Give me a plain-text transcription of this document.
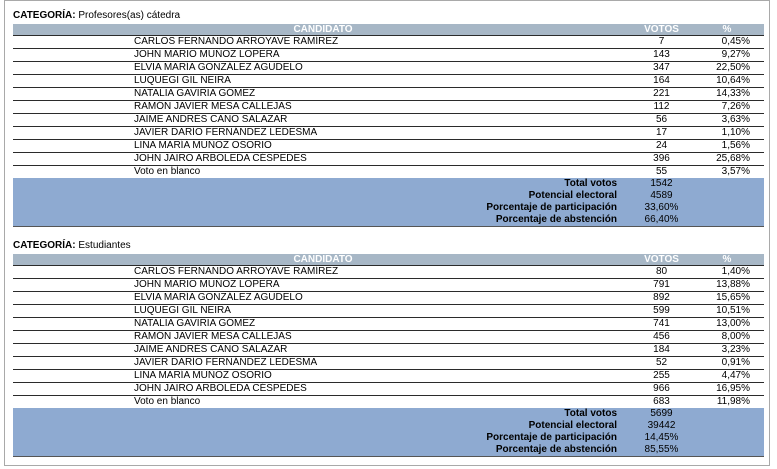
CATEGORÍA: Profesores(as) cátedra
CANDIDATO	VOTOS	%
CARLOS FERNANDO ARROYAVE RAMÍREZ	7	0,45%
JOHN MARIO MUÑOZ LOPERA	143	9,27%
ELVIA MARÍA GONZÁLEZ AGUDELO	347	22,50%
LUQUEGI GIL NEIRA	164	10,64%
NATALIA GAVIRIA GÓMEZ	221	14,33%
RAMÓN JAVIER MESA CALLEJAS	112	7,26%
JAIME ANDRÉS CANO SALAZAR	56	3,63%
JAVIER DARÍO FERNÁNDEZ LEDESMA	17	1,10%
LINA MARÍA MUÑOZ OSORIO	24	1,56%
JOHN JAIRO ARBOLEDA CÉSPEDES	396	25,68%
Voto en blanco	55	3,57%
Total votos	1542	
Potencial electoral	4589	
Porcentaje de participación	33,60%	
Porcentaje de abstención	66,40%	
CATEGORÍA: Estudiantes
CANDIDATO	VOTOS	%
CARLOS FERNANDO ARROYAVE RAMÍREZ	80	1,40%
JOHN MARIO MUÑOZ LOPERA	791	13,88%
ELVIA MARÍA GONZÁLEZ AGUDELO	892	15,65%
LUQUEGI GIL NEIRA	599	10,51%
NATALIA GAVIRIA GÓMEZ	741	13,00%
RAMÓN JAVIER MESA CALLEJAS	456	8,00%
JAIME ANDRÉS CANO SALAZAR	184	3,23%
JAVIER DARÍO FERNÁNDEZ LEDESMA	52	0,91%
LINA MARÍA MUÑOZ OSORIO	255	4,47%
JOHN JAIRO ARBOLEDA CÉSPEDES	966	16,95%
Voto en blanco	683	11,98%
Total votos	5699	
Potencial electoral	39442	
Porcentaje de participación	14,45%	
Porcentaje de abstención	85,55%	
